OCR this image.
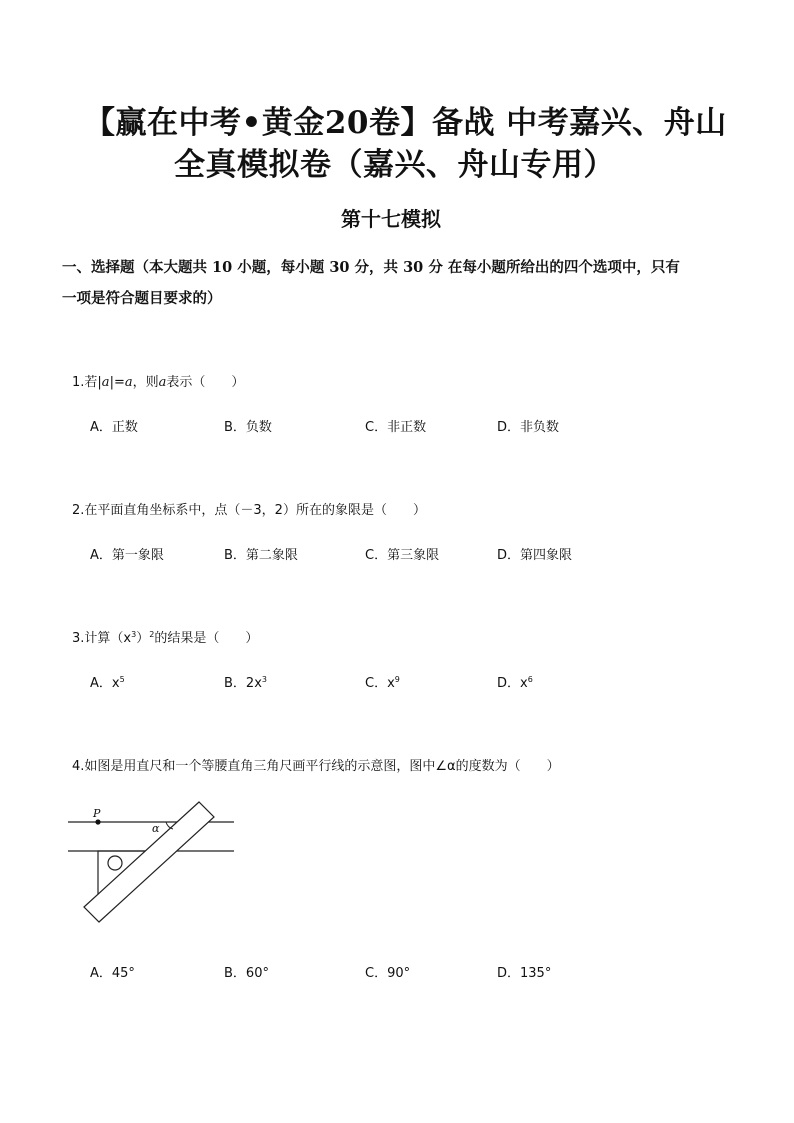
【赢在中考•黄金20卷】备战 中考嘉兴、舟山
全真模拟卷（嘉兴、舟山专用）
第十七模拟
一、选择题（本大题共 10 小题，每小题 30 分，共 30 分 在每小题所给出的四个选项中，只有
一项是符合题目要求的）
1.若|a|=a，则a表示（　　）
A．正数	B．负数	C．非正数	D．非负数
2.在平面直角坐标系中，点（－3，2）所在的象限是（　　）
A．第一象限	B．第二象限	C．第三象限	D．第四象限
3.计算$(x^3)^2$的结果是（　　）
A．$x^5$	B．$2x^3$	C．$x^9$	D．$x^6$
4.如图是用直尺和一个等腰直角三角尺画平行线的示意图，图中∠α的度数为（　　）
P
α
A．45°	B．60°	C．90°	D．135°
